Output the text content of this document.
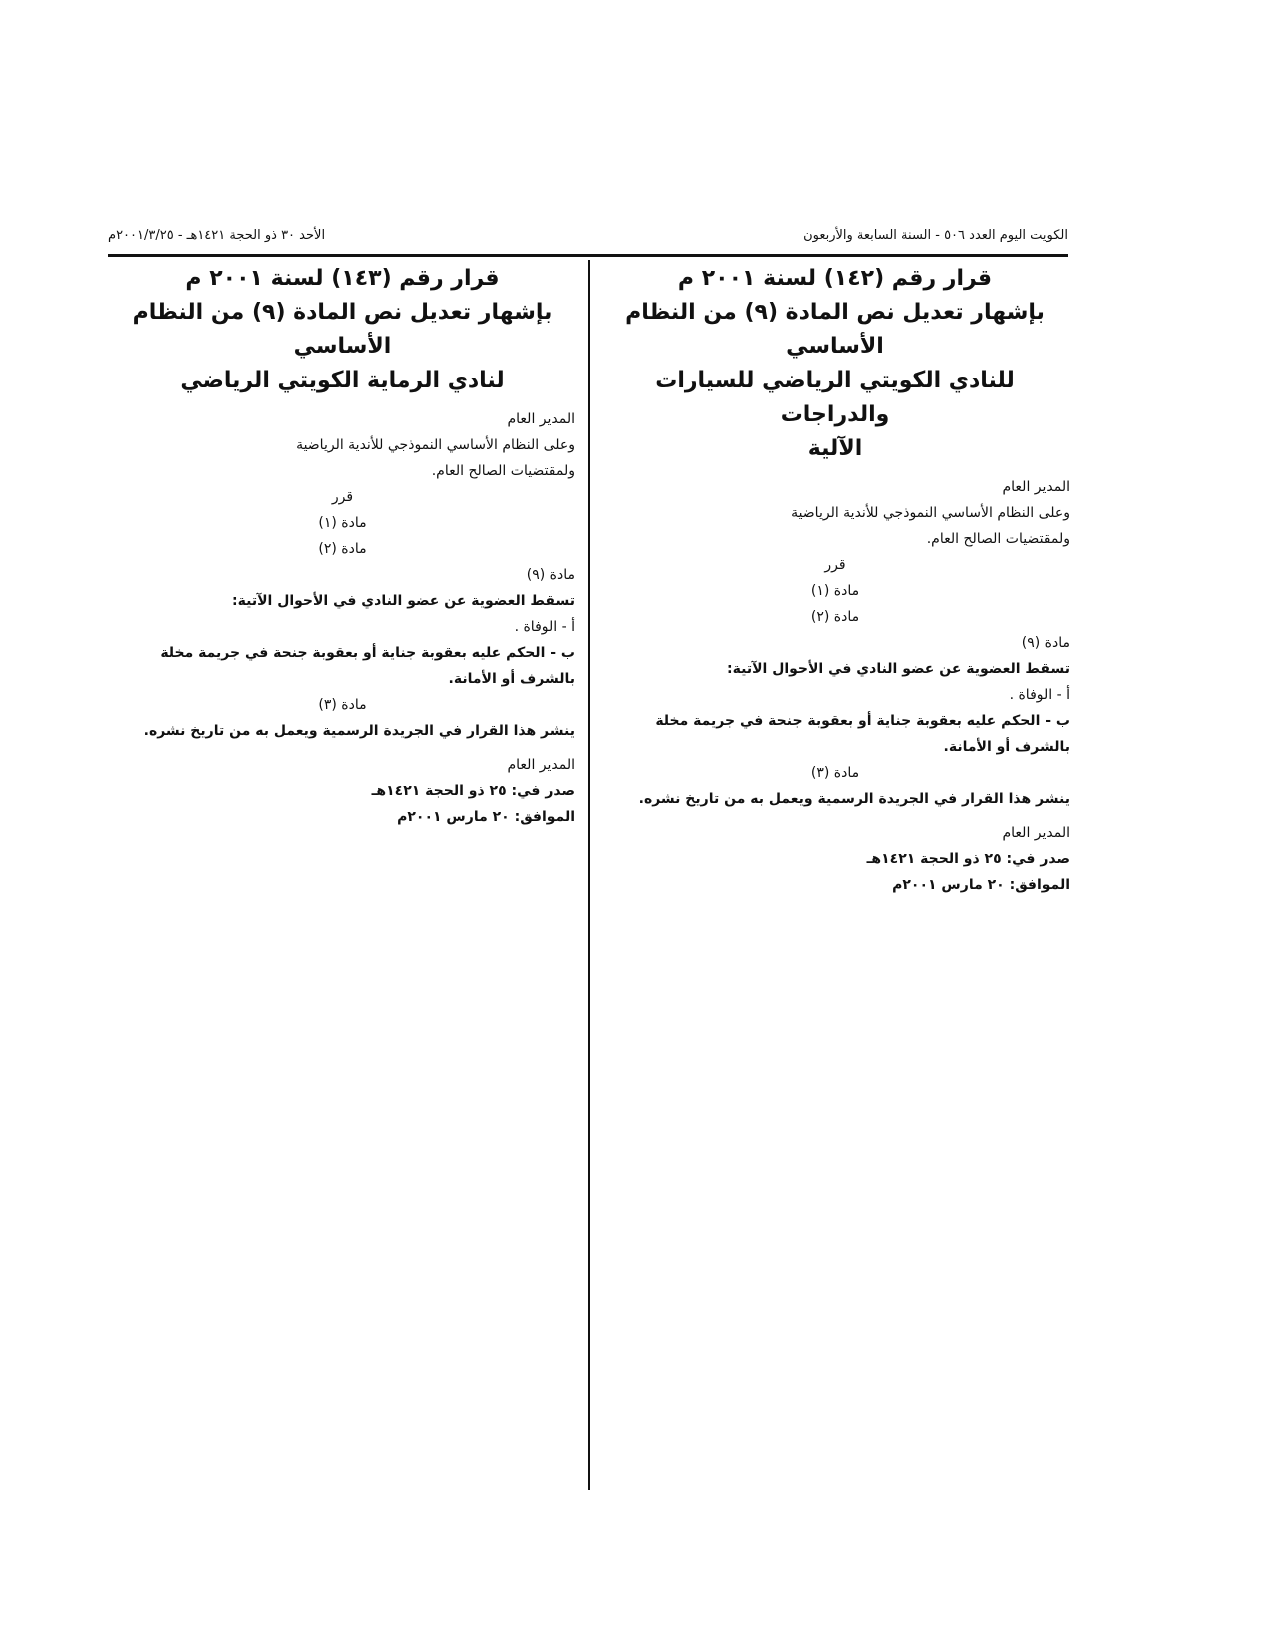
الكويت اليوم العدد ٥٠٦ - السنة السابعة والأربعون
الأحد ٣٠ ذو الحجة ١٤٢١هـ - ٢٠٠١/٣/٢٥م

قرار رقم (١٤٢) لسنة ٢٠٠١ م

بإشهار تعديل نص المادة (٩) من النظام الأساسي

للنادي الكويتي الرياضي للسيارات والدراجات

الآلية

المدير العام

وعلى النظام الأساسي النموذجي للأندية الرياضية

ولمقتضيات الصالح العام.

قرر

مادة (١)

مادة (٢)

مادة (٩)

تسقط العضوية عن عضو النادي في الأحوال الآتية:

أ - الوفاة .

ب - الحكم عليه بعقوبة جناية أو بعقوبة جنحة في جريمة مخلة بالشرف أو الأمانة.

مادة (٣)

ينشر هذا القرار في الجريدة الرسمية ويعمل به من تاريخ نشره.

المدير العام

صدر في: ٢٥ ذو الحجة ١٤٢١هـ

الموافق: ٢٠ مارس ٢٠٠١م

قرار رقم (١٤٣) لسنة ٢٠٠١ م

بإشهار تعديل نص المادة (٩) من النظام الأساسي

لنادي الرماية الكويتي الرياضي

المدير العام

وعلى النظام الأساسي النموذجي للأندية الرياضية

ولمقتضيات الصالح العام.

قرر

مادة (١)

مادة (٢)

مادة (٩)

تسقط العضوية عن عضو النادي في الأحوال الآتية:

أ - الوفاة .

ب - الحكم عليه بعقوبة جناية أو بعقوبة جنحة في جريمة مخلة بالشرف أو الأمانة.

مادة (٣)

ينشر هذا القرار في الجريدة الرسمية ويعمل به من تاريخ نشره.

المدير العام

صدر في: ٢٥ ذو الحجة ١٤٢١هـ

الموافق: ٢٠ مارس ٢٠٠١م
